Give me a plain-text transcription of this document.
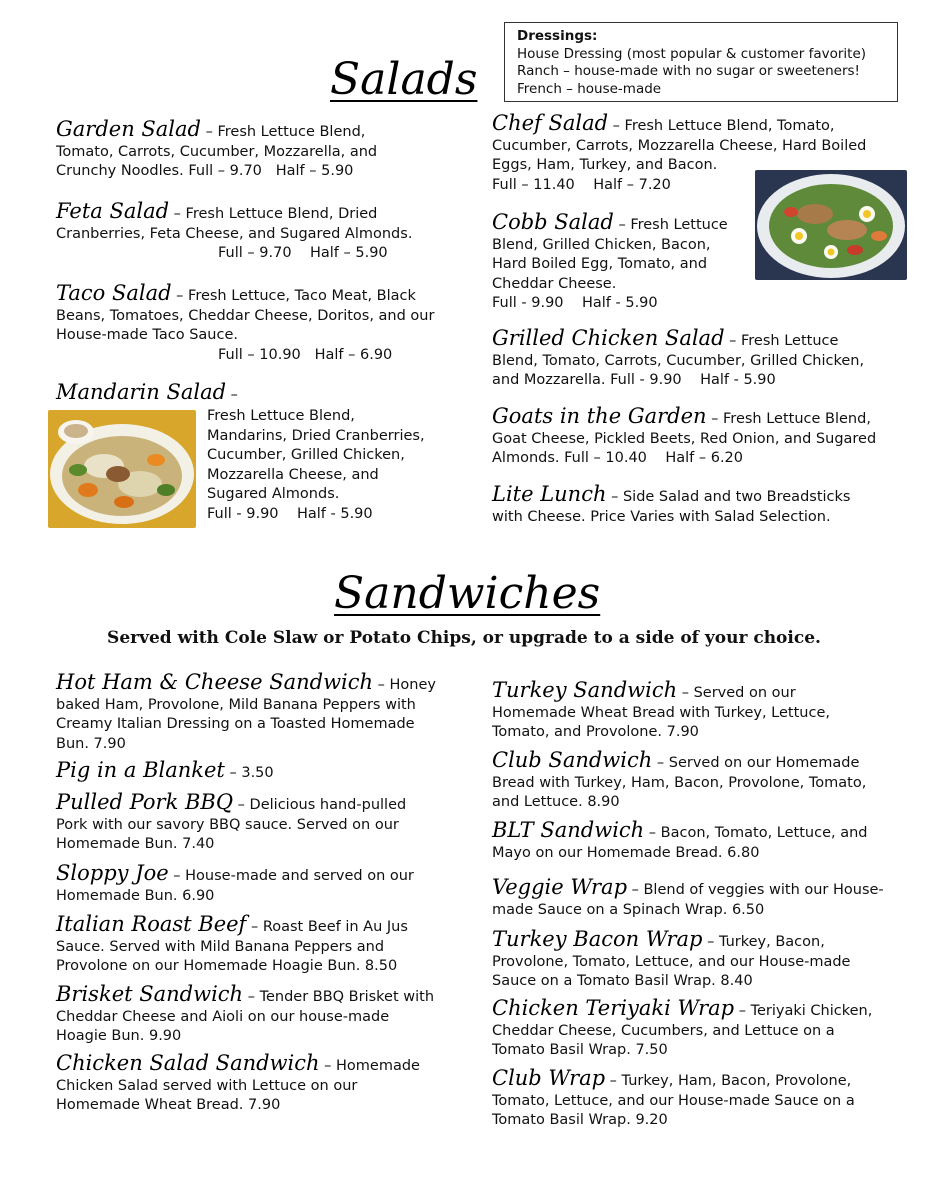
Salads
Dressings:
House Dressing (most popular & customer favorite)
Ranch – house-made with no sugar or sweeteners!
French – house-made
Garden Salad – Fresh Lettuce Blend, Tomato, Carrots, Cucumber, Mozzarella, and Crunchy Noodles. Full – 9.70   Half – 5.90
Feta Salad – Fresh Lettuce Blend, Dried Cranberries, Feta Cheese, and Sugared Almonds.
Full – 9.70    Half – 5.90
Taco Salad – Fresh Lettuce, Taco Meat, Black Beans, Tomatoes, Cheddar Cheese, Doritos, and our House-made Taco Sauce.
Full – 10.90   Half – 6.90
Mandarin Salad –
Fresh Lettuce Blend, Mandarins, Dried Cranberries, Cucumber, Grilled Chicken, Mozzarella Cheese, and Sugared Almonds.
Full - 9.90    Half - 5.90
Chef Salad – Fresh Lettuce Blend, Tomato, Cucumber, Carrots, Mozzarella Cheese, Hard Boiled Eggs, Ham, Turkey, and Bacon.
Full – 11.40    Half – 7.20
Cobb Salad – Fresh Lettuce Blend, Grilled Chicken, Bacon, Hard Boiled Egg, Tomato, and Cheddar Cheese.
Full - 9.90    Half - 5.90
Grilled Chicken Salad – Fresh Lettuce Blend, Tomato, Carrots, Cucumber, Grilled Chicken, and Mozzarella. Full - 9.90    Half - 5.90
Goats in the Garden – Fresh Lettuce Blend, Goat Cheese, Pickled Beets, Red Onion, and Sugared Almonds. Full – 10.40    Half – 6.20
Lite Lunch – Side Salad and two Breadsticks with Cheese. Price Varies with Salad Selection.
Sandwiches
Served with Cole Slaw or Potato Chips, or upgrade to a side of your choice.
Hot Ham & Cheese Sandwich – Honey baked Ham, Provolone, Mild Banana Peppers with Creamy Italian Dressing on a Toasted Homemade Bun. 7.90
Pig in a Blanket – 3.50
Pulled Pork BBQ – Delicious hand-pulled Pork with our savory BBQ sauce. Served on our Homemade Bun. 7.40
Sloppy Joe – House-made and served on our Homemade Bun. 6.90
Italian Roast Beef – Roast Beef in Au Jus Sauce. Served with Mild Banana Peppers and Provolone on our Homemade Hoagie Bun. 8.50
Brisket Sandwich – Tender BBQ Brisket with Cheddar Cheese and Aioli on our house-made Hoagie Bun. 9.90
Chicken Salad Sandwich – Homemade Chicken Salad served with Lettuce on our Homemade Wheat Bread. 7.90
Turkey Sandwich – Served on our Homemade Wheat Bread with Turkey, Lettuce, Tomato, and Provolone. 7.90
Club Sandwich – Served on our Homemade Bread with Turkey, Ham, Bacon, Provolone, Tomato, and Lettuce. 8.90
BLT Sandwich – Bacon, Tomato, Lettuce, and Mayo on our Homemade Bread. 6.80
Veggie Wrap – Blend of veggies with our House-made Sauce on a Spinach Wrap. 6.50
Turkey Bacon Wrap – Turkey, Bacon, Provolone, Tomato, Lettuce, and our House-made Sauce on a Tomato Basil Wrap. 8.40
Chicken Teriyaki Wrap – Teriyaki Chicken, Cheddar Cheese, Cucumbers, and Lettuce on a Tomato Basil Wrap. 7.50
Club Wrap – Turkey, Ham, Bacon, Provolone, Tomato, Lettuce, and our House-made Sauce on a Tomato Basil Wrap. 9.20
